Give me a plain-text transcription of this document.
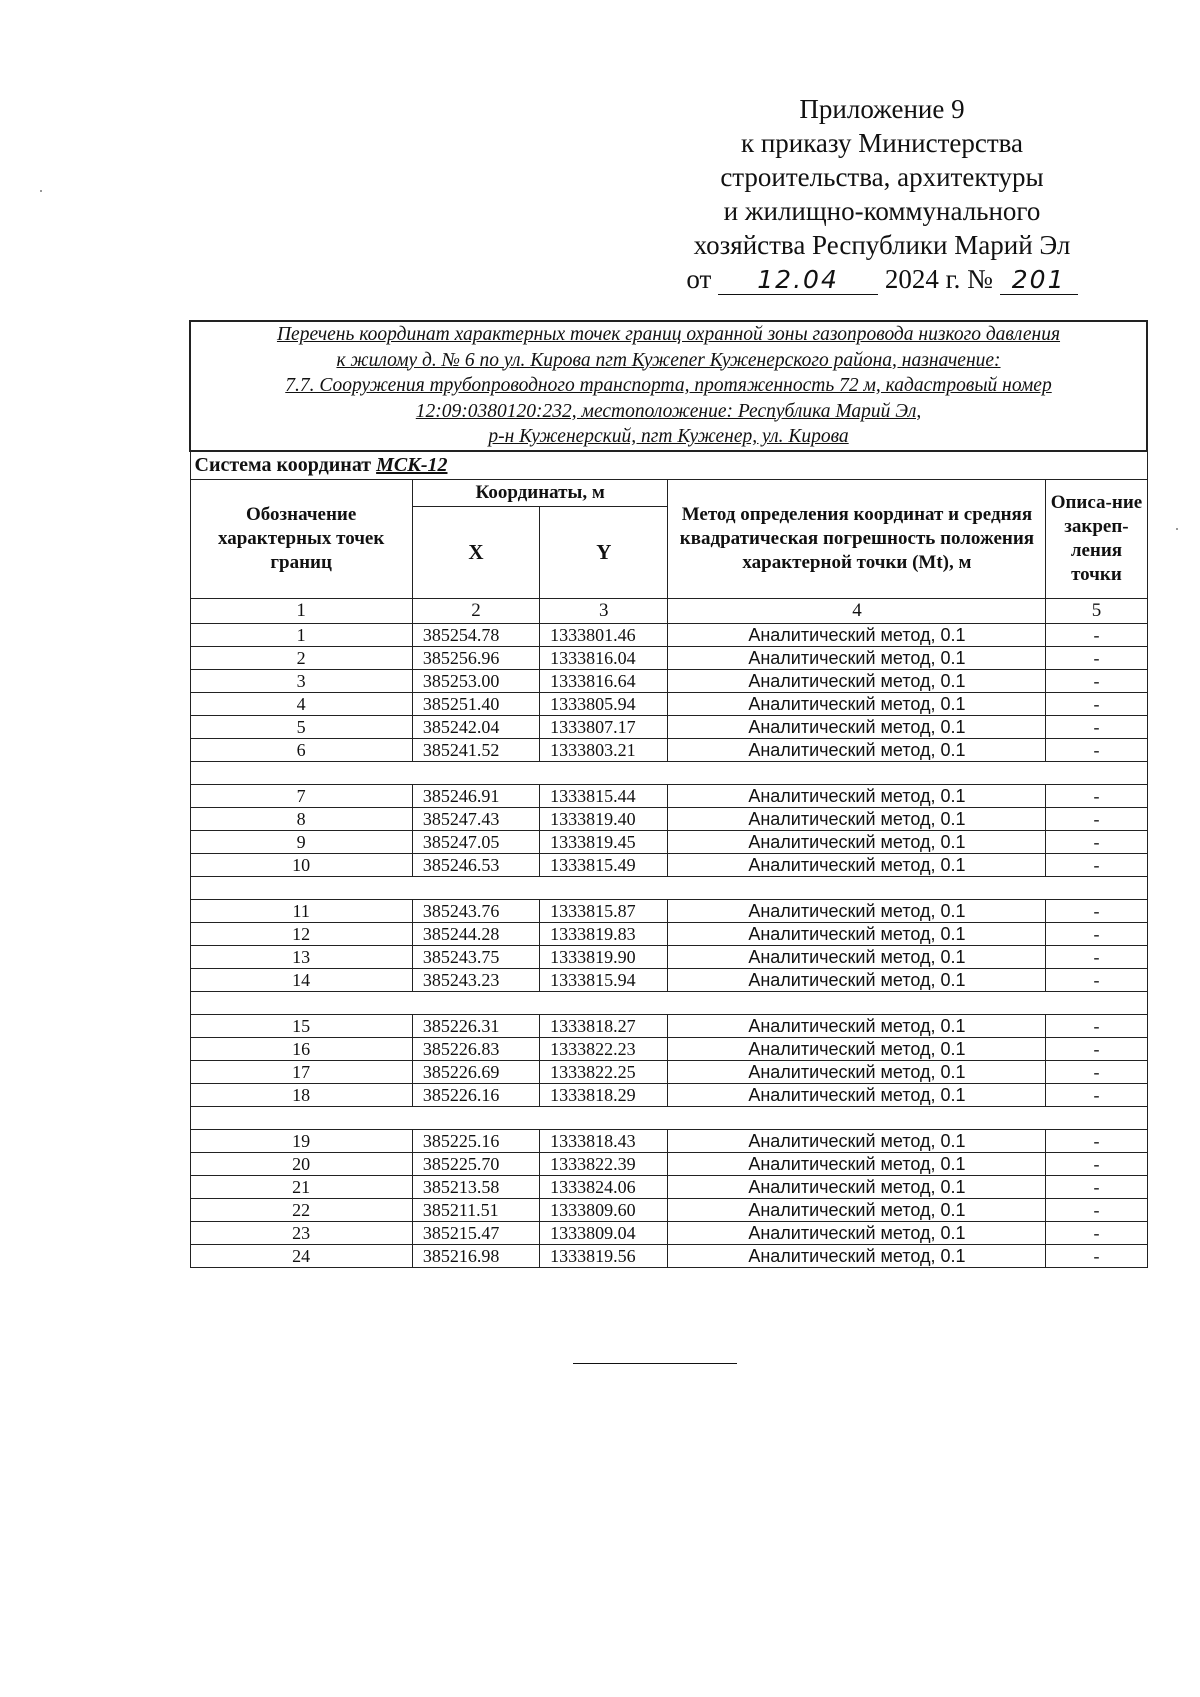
Приложение 9
к приказу Министерства
строительства, архитектуры
и жилищно-коммунального
хозяйства Республики Марий Эл
от 12.04 2024 г. № 201
Перечень координат характерных точек границ охранной зоны газопровода низкого давления
к жилому д. № 6 по ул. Кирова пгт Кужener Куженерского района, назначение:
7.7. Сооружения трубопроводного транспорта, протяженность 72 м, кадастровый номер
12:09:0380120:232, местоположение: Республика Марий Эл,
р-н Куженерский, пгт Куженер, ул. Кирова				

Система координат МСК-12				
Обозначение характерных точек границ	Координаты, м		Метод определения координат и средняя квадратическая погрешность положения характерной точки (Mt), м	Описа-ние закреп-ления точки
	X	Y		
1	2	3	4	5
1	385254.78	1333801.46	Аналитический метод, 0.1	-
2	385256.96	1333816.04	Аналитический метод, 0.1	-
3	385253.00	1333816.64	Аналитический метод, 0.1	-
4	385251.40	1333805.94	Аналитический метод, 0.1	-
5	385242.04	1333807.17	Аналитический метод, 0.1	-
6	385241.52	1333803.21	Аналитический метод, 0.1	-

7	385246.91	1333815.44	Аналитический метод, 0.1	-
8	385247.43	1333819.40	Аналитический метод, 0.1	-
9	385247.05	1333819.45	Аналитический метод, 0.1	-
10	385246.53	1333815.49	Аналитический метод, 0.1	-

11	385243.76	1333815.87	Аналитический метод, 0.1	-
12	385244.28	1333819.83	Аналитический метод, 0.1	-
13	385243.75	1333819.90	Аналитический метод, 0.1	-
14	385243.23	1333815.94	Аналитический метод, 0.1	-

15	385226.31	1333818.27	Аналитический метод, 0.1	-
16	385226.83	1333822.23	Аналитический метод, 0.1	-
17	385226.69	1333822.25	Аналитический метод, 0.1	-
18	385226.16	1333818.29	Аналитический метод, 0.1	-

19	385225.16	1333818.43	Аналитический метод, 0.1	-
20	385225.70	1333822.39	Аналитический метод, 0.1	-
21	385213.58	1333824.06	Аналитический метод, 0.1	-
22	385211.51	1333809.60	Аналитический метод, 0.1	-
23	385215.47	1333809.04	Аналитический метод, 0.1	-
24	385216.98	1333819.56	Аналитический метод, 0.1	-
